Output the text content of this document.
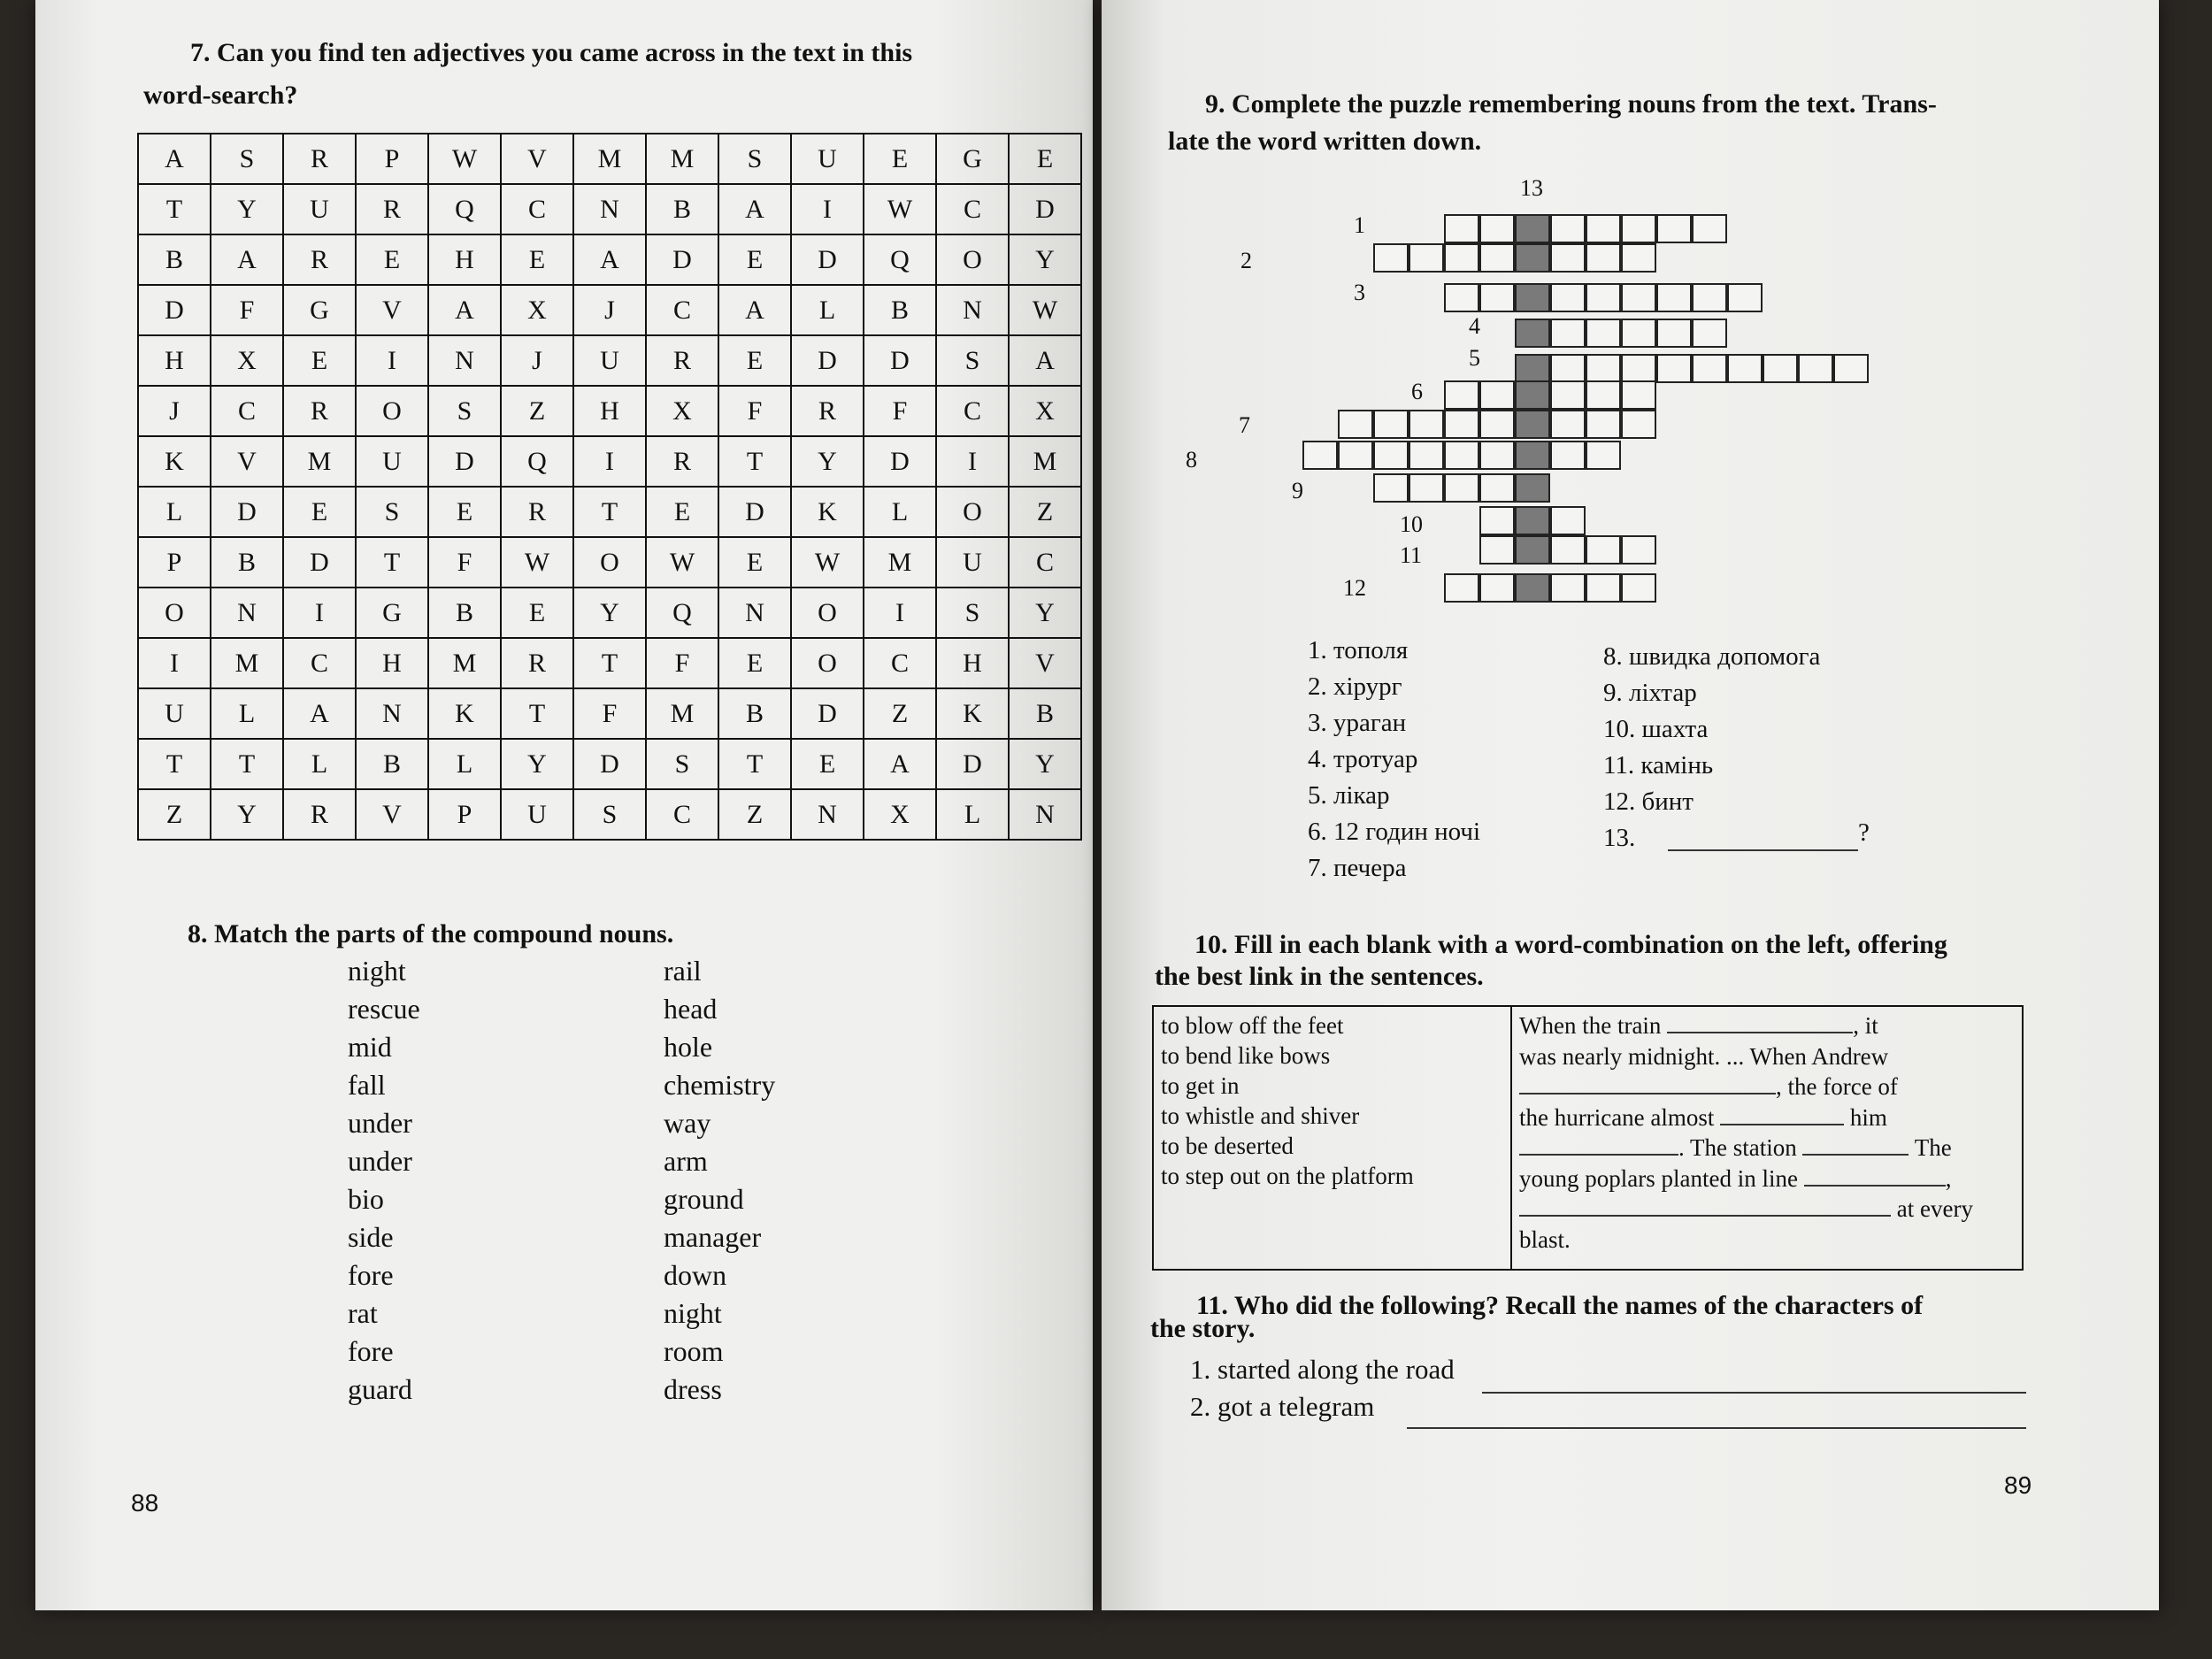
7. Can you find ten adjectives you came across in the text in this
word-search?
A	S	R	P	W	V	M	M	S	U	E	G	E
T	Y	U	R	Q	C	N	B	A	I	W	C	D
B	A	R	E	H	E	A	D	E	D	Q	O	Y
D	F	G	V	A	X	J	C	A	L	B	N	W
H	X	E	I	N	J	U	R	E	D	D	S	A
J	C	R	O	S	Z	H	X	F	R	F	C	X
K	V	M	U	D	Q	I	R	T	Y	D	I	M
L	D	E	S	E	R	T	E	D	K	L	O	Z
P	B	D	T	F	W	O	W	E	W	M	U	C
O	N	I	G	B	E	Y	Q	N	O	I	S	Y
I	M	C	H	M	R	T	F	E	O	C	H	V
U	L	A	N	K	T	F	M	B	D	Z	K	B
T	T	L	B	L	Y	D	S	T	E	A	D	Y
Z	Y	R	V	P	U	S	C	Z	N	X	L	N
8. Match the parts of the compound nouns.
night
rescue
mid
fall
under
under
bio
side
fore
rat
fore
guard
rail
head
hole
chemistry
way
arm
ground
manager
down
night
room
dress
88
9. Complete the puzzle remembering nouns from the text. Trans-
late the word written down.
13
1
2
3
4
5
6
7
8
9
10
11
12
1. тополя
2. хірург
3. ураган
4. тротуар
5. лікар
6. 12 годин ночі
7. печера
8. швидка допомога
9. ліхтар
10. шахта
11. камінь
12. бинт
13.	?
10. Fill in each blank with a word-combination on the left, offering
the best link in the sentences.
to blow off the feet
to bend like bows
to get in
to whistle and shiver
to be deserted
to step out on the platform
When the train	, it
was nearly midnight. ... When Andrew
, the force of
the hurricane almost	him
. The station	The
young poplars planted in line	,
at every
blast.
11. Who did the following? Recall the names of the characters of
the story.
1. started along the road
2. got a telegram
89
